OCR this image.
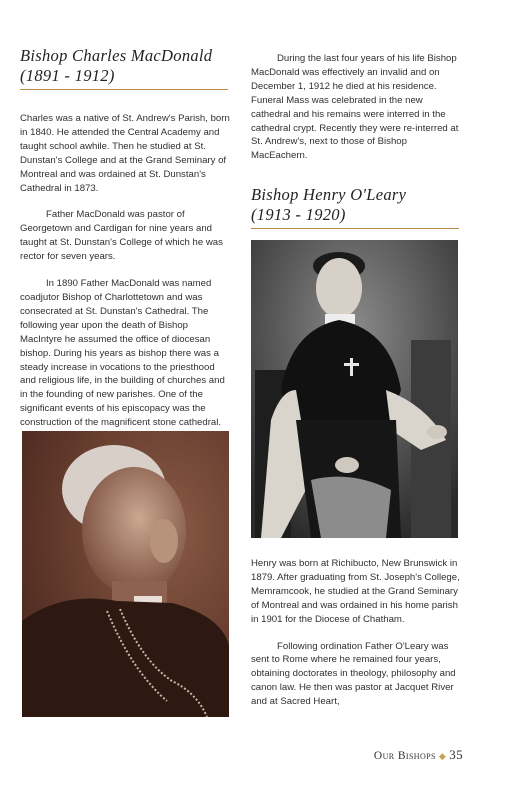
Bishop Charles MacDonald
(1891 - 1912)

Charles was a native of St. Andrew's Parish, born in 1840. He attended the Central Academy and taught school awhile. Then he studied at St. Dunstan's College and at the Grand Seminary of Montreal and was ordained at St. Dunstan's Cathedral in 1873.

Father MacDonald was pastor of Georgetown and Cardigan for nine years and taught at St. Dunstan's College of which he was rector for seven years.

In 1890 Father MacDonald was named coadjutor Bishop of Charlottetown and was consecrated at St. Dunstan's Cathedral. The following year upon the death of Bishop MacIntyre he assumed the office of diocesan bishop. During his years as bishop there was a steady increase in vocations to the priesthood and religious life, in the building of churches and in the founding of new parishes. One of the significant events of his episcopacy was the construction of the magnificent stone cathedral.

During the last four years of his life Bishop MacDonald was effectively an invalid and on December 1, 1912 he died at his residence. Funeral Mass was celebrated in the new cathedral and his remains were interred in the cathedral crypt. Recently they were re-interred at St. Andrew's, next to those of Bishop MacEachern.

Bishop Henry O'Leary
(1913 - 1920)

Henry was born at Richibucto, New Brunswick in 1879. After graduating from St. Joseph's College, Memramcook, he studied at the Grand Seminary of Montreal and was ordained in his home parish in 1901 for the Diocese of Chatham.

Following ordination Father O'Leary was sent to Rome where he remained four years, obtaining doctorates in theology, philosophy and canon law. He then was pastor at Jacquet River and at Sacred Heart,

Our Bishops ◆ 35
